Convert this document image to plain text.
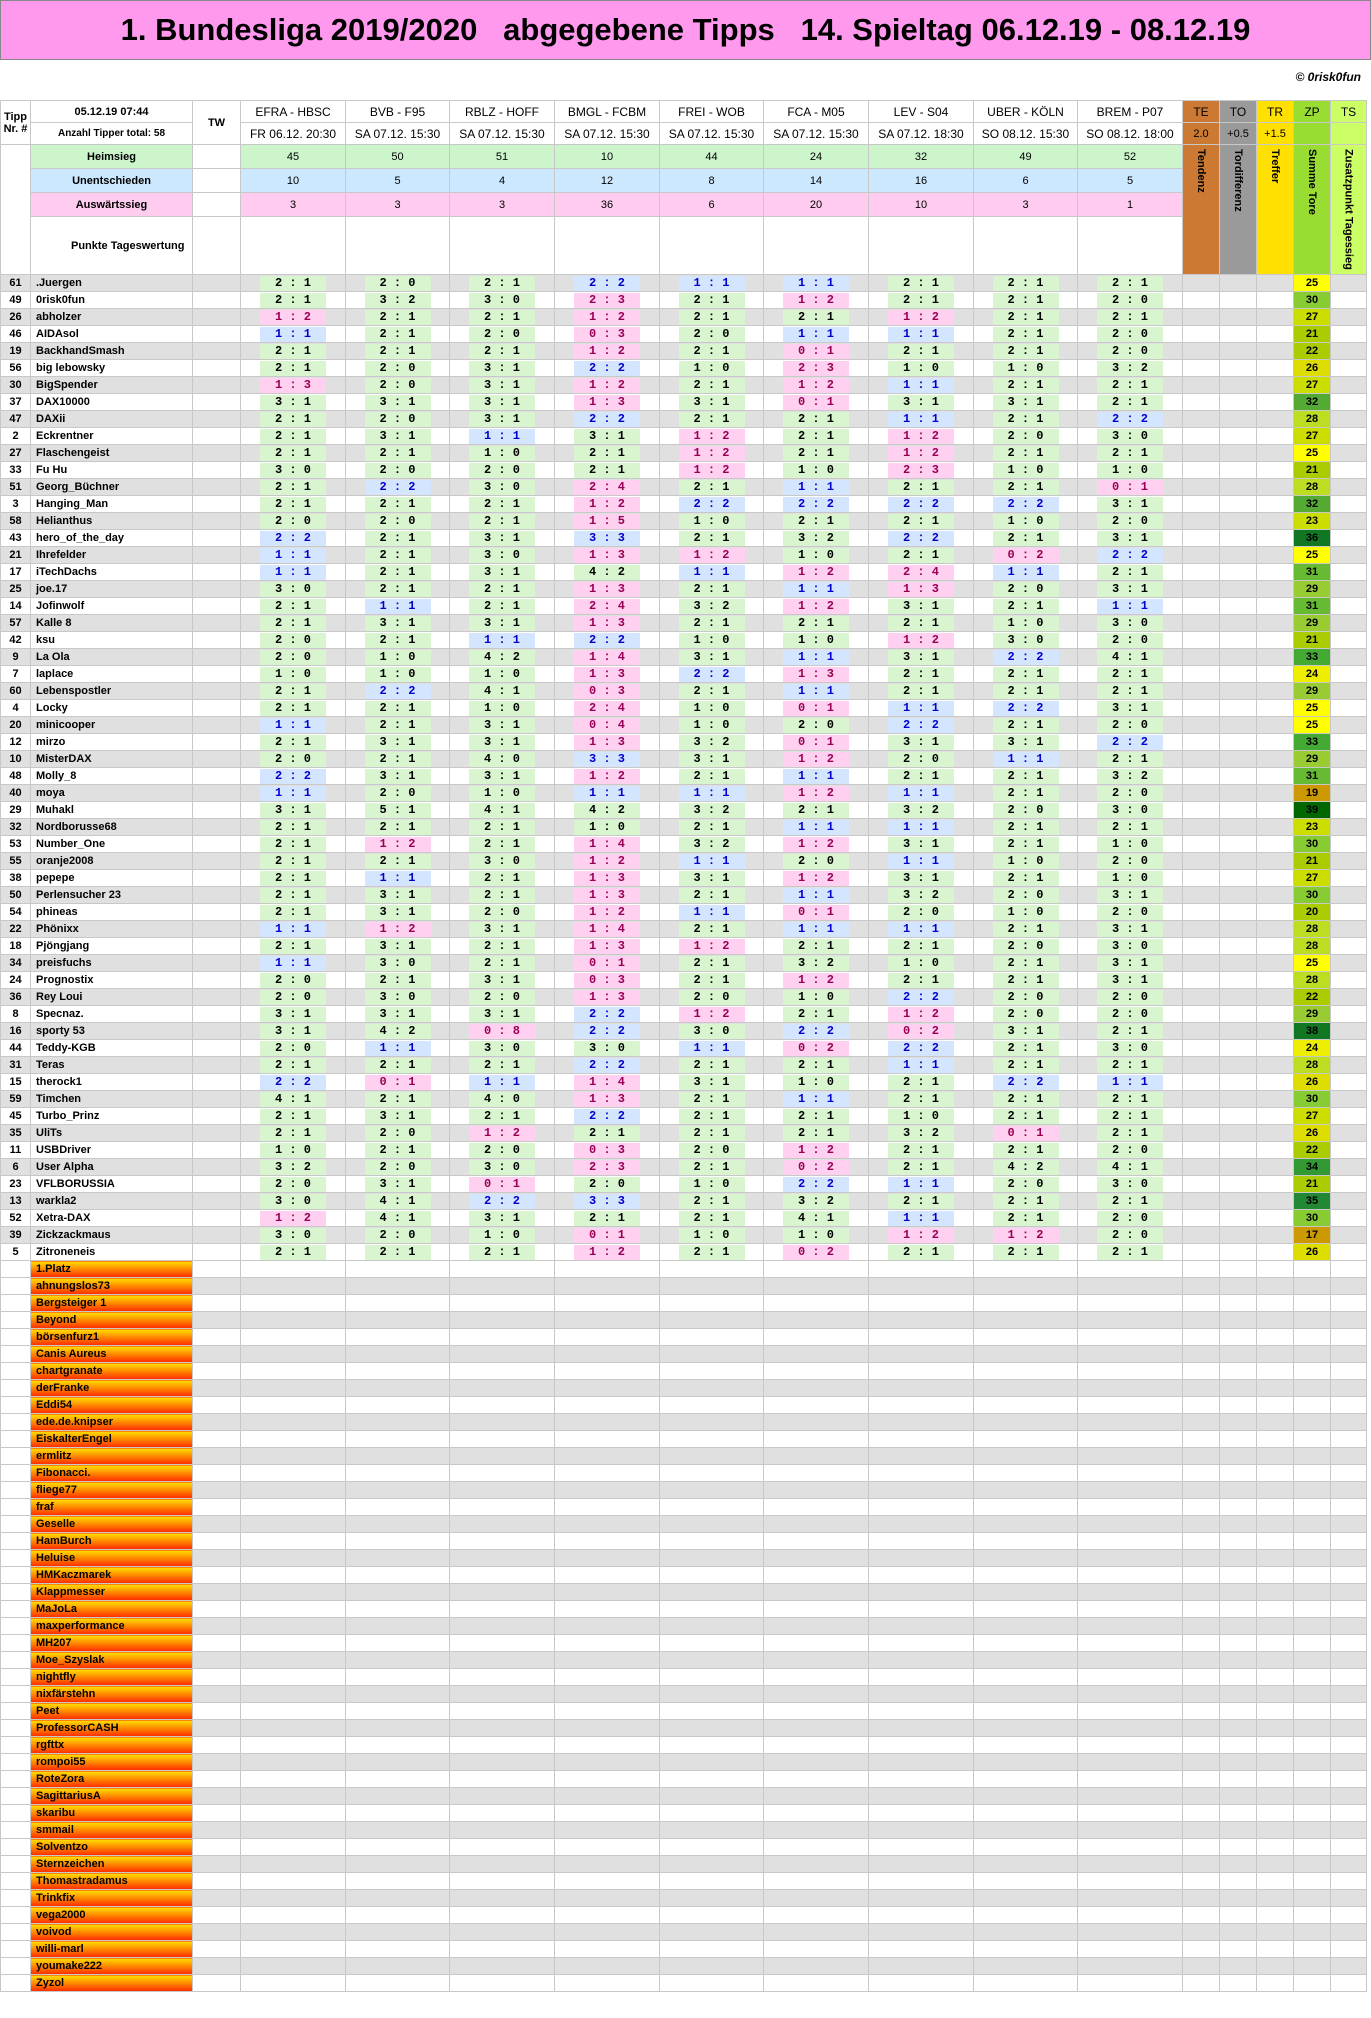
1. Bundesliga 2019/2020   abgegebene Tipps   14. Spieltag 06.12.19 - 08.12.19
© 0risk0fun
Tipp
Nr. #	05.12.19 07:44	TW	EFRA - HBSC	BVB - F95	RBLZ - HOFF	BMGL - FCBM	FREI - WOB	FCA - M05	LEV - S04	UBER - KÖLN	BREM - P07	TE	TO	TR	ZP	TS
	Anzahl Tipper total: 58		FR 06.12. 20:30	SA 07.12. 15:30	SA 07.12. 15:30	SA 07.12. 15:30	SA 07.12. 15:30	SA 07.12. 15:30	SA 07.12. 18:30	SO 08.12. 15:30	SO 08.12. 18:00	2.0	+0.5	+1.5		
	Heimsieg		45	50	51	10	44	24	32	49	52	Tendenz	Tordifferenz	Treffer	Summe Tore	Zusatzpunkt Tagessieg
	Unentschieden		10	5	4	12	8	14	16	6	5					
	Auswärtssieg		3	3	3	36	6	20	10	3	1					
	Punkte Tageswertung															
61	.Juergen		2 : 1	2 : 0	2 : 1	2 : 2	1 : 1	1 : 1	2 : 1	2 : 1	2 : 1				25	
49	0risk0fun		2 : 1	3 : 2	3 : 0	2 : 3	2 : 1	1 : 2	2 : 1	2 : 1	2 : 0				30	
26	abholzer		1 : 2	2 : 1	2 : 1	1 : 2	2 : 1	2 : 1	1 : 2	2 : 1	2 : 1				27	
46	AIDAsol		1 : 1	2 : 1	2 : 0	0 : 3	2 : 0	1 : 1	1 : 1	2 : 1	2 : 0				21	
19	BackhandSmash		2 : 1	2 : 1	2 : 1	1 : 2	2 : 1	0 : 1	2 : 1	2 : 1	2 : 0				22	
56	big lebowsky		2 : 1	2 : 0	3 : 1	2 : 2	1 : 0	2 : 3	1 : 0	1 : 0	3 : 2				26	
30	BigSpender		1 : 3	2 : 0	3 : 1	1 : 2	2 : 1	1 : 2	1 : 1	2 : 1	2 : 1				27	
37	DAX10000		3 : 1	3 : 1	3 : 1	1 : 3	3 : 1	0 : 1	3 : 1	3 : 1	2 : 1				32	
47	DAXii		2 : 1	2 : 0	3 : 1	2 : 2	2 : 1	2 : 1	1 : 1	2 : 1	2 : 2				28	
2	Eckrentner		2 : 1	3 : 1	1 : 1	3 : 1	1 : 2	2 : 1	1 : 2	2 : 0	3 : 0				27	
27	Flaschengeist		2 : 1	2 : 1	1 : 0	2 : 1	1 : 2	2 : 1	1 : 2	2 : 1	2 : 1				25	
33	Fu Hu		3 : 0	2 : 0	2 : 0	2 : 1	1 : 2	1 : 0	2 : 3	1 : 0	1 : 0				21	
51	Georg_Büchner		2 : 1	2 : 2	3 : 0	2 : 4	2 : 1	1 : 1	2 : 1	2 : 1	0 : 1				28	
3	Hanging_Man		2 : 1	2 : 1	2 : 1	1 : 2	2 : 2	2 : 2	2 : 2	2 : 2	3 : 1				32	
58	Helianthus		2 : 0	2 : 0	2 : 1	1 : 5	1 : 0	2 : 1	2 : 1	1 : 0	2 : 0				23	
43	hero_of_the_day		2 : 2	2 : 1	3 : 1	3 : 3	2 : 1	3 : 2	2 : 2	2 : 1	3 : 1				36	
21	Ihrefelder		1 : 1	2 : 1	3 : 0	1 : 3	1 : 2	1 : 0	2 : 1	0 : 2	2 : 2				25	
17	iTechDachs		1 : 1	2 : 1	3 : 1	4 : 2	1 : 1	1 : 2	2 : 4	1 : 1	2 : 1				31	
25	joe.17		3 : 0	2 : 1	2 : 1	1 : 3	2 : 1	1 : 1	1 : 3	2 : 0	3 : 1				29	
14	Jofinwolf		2 : 1	1 : 1	2 : 1	2 : 4	3 : 2	1 : 2	3 : 1	2 : 1	1 : 1				31	
57	Kalle 8		2 : 1	3 : 1	3 : 1	1 : 3	2 : 1	2 : 1	2 : 1	1 : 0	3 : 0				29	
42	ksu		2 : 0	2 : 1	1 : 1	2 : 2	1 : 0	1 : 0	1 : 2	3 : 0	2 : 0				21	
9	La Ola		2 : 0	1 : 0	4 : 2	1 : 4	3 : 1	1 : 1	3 : 1	2 : 2	4 : 1				33	
7	laplace		1 : 0	1 : 0	1 : 0	1 : 3	2 : 2	1 : 3	2 : 1	2 : 1	2 : 1				24	
60	Lebenspostler		2 : 1	2 : 2	4 : 1	0 : 3	2 : 1	1 : 1	2 : 1	2 : 1	2 : 1				29	
4	Locky		2 : 1	2 : 1	1 : 0	2 : 4	1 : 0	0 : 1	1 : 1	2 : 2	3 : 1				25	
20	minicooper		1 : 1	2 : 1	3 : 1	0 : 4	1 : 0	2 : 0	2 : 2	2 : 1	2 : 0				25	
12	mirzo		2 : 1	3 : 1	3 : 1	1 : 3	3 : 2	0 : 1	3 : 1	3 : 1	2 : 2				33	
10	MisterDAX		2 : 0	2 : 1	4 : 0	3 : 3	3 : 1	1 : 2	2 : 0	1 : 1	2 : 1				29	
48	Molly_8		2 : 2	3 : 1	3 : 1	1 : 2	2 : 1	1 : 1	2 : 1	2 : 1	3 : 2				31	
40	moya		1 : 1	2 : 0	1 : 0	1 : 1	1 : 1	1 : 2	1 : 1	2 : 1	2 : 0				19	
29	Muhakl		3 : 1	5 : 1	4 : 1	4 : 2	3 : 2	2 : 1	3 : 2	2 : 0	3 : 0				39	
32	Nordborusse68		2 : 1	2 : 1	2 : 1	1 : 0	2 : 1	1 : 1	1 : 1	2 : 1	2 : 1				23	
53	Number_One		2 : 1	1 : 2	2 : 1	1 : 4	3 : 2	1 : 2	3 : 1	2 : 1	1 : 0				30	
55	oranje2008		2 : 1	2 : 1	3 : 0	1 : 2	1 : 1	2 : 0	1 : 1	1 : 0	2 : 0				21	
38	pepepe		2 : 1	1 : 1	2 : 1	1 : 3	3 : 1	1 : 2	3 : 1	2 : 1	1 : 0				27	
50	Perlensucher 23		2 : 1	3 : 1	2 : 1	1 : 3	2 : 1	1 : 1	3 : 2	2 : 0	3 : 1				30	
54	phineas		2 : 1	3 : 1	2 : 0	1 : 2	1 : 1	0 : 1	2 : 0	1 : 0	2 : 0				20	
22	Phönixx		1 : 1	1 : 2	3 : 1	1 : 4	2 : 1	1 : 1	1 : 1	2 : 1	3 : 1				28	
18	Pjöngjang		2 : 1	3 : 1	2 : 1	1 : 3	1 : 2	2 : 1	2 : 1	2 : 0	3 : 0				28	
34	preisfuchs		1 : 1	3 : 0	2 : 1	0 : 1	2 : 1	3 : 2	1 : 0	2 : 1	3 : 1				25	
24	Prognostix		2 : 0	2 : 1	3 : 1	0 : 3	2 : 1	1 : 2	2 : 1	2 : 1	3 : 1				28	
36	Rey Loui		2 : 0	3 : 0	2 : 0	1 : 3	2 : 0	1 : 0	2 : 2	2 : 0	2 : 0				22	
8	Specnaz.		3 : 1	3 : 1	3 : 1	2 : 2	1 : 2	2 : 1	1 : 2	2 : 0	2 : 0				29	
16	sporty 53		3 : 1	4 : 2	0 : 8	2 : 2	3 : 0	2 : 2	0 : 2	3 : 1	2 : 1				38	
44	Teddy-KGB		2 : 0	1 : 1	3 : 0	3 : 0	1 : 1	0 : 2	2 : 2	2 : 1	3 : 0				24	
31	Teras		2 : 1	2 : 1	2 : 1	2 : 2	2 : 1	2 : 1	1 : 1	2 : 1	2 : 1				28	
15	therock1		2 : 2	0 : 1	1 : 1	1 : 4	3 : 1	1 : 0	2 : 1	2 : 2	1 : 1				26	
59	Timchen		4 : 1	2 : 1	4 : 0	1 : 3	2 : 1	1 : 1	2 : 1	2 : 1	2 : 1				30	
45	Turbo_Prinz		2 : 1	3 : 1	2 : 1	2 : 2	2 : 1	2 : 1	1 : 0	2 : 1	2 : 1				27	
35	UliTs		2 : 1	2 : 0	1 : 2	2 : 1	2 : 1	2 : 1	3 : 2	0 : 1	2 : 1				26	
11	USBDriver		1 : 0	2 : 1	2 : 0	0 : 3	2 : 0	1 : 2	2 : 1	2 : 1	2 : 0				22	
6	User Alpha		3 : 2	2 : 0	3 : 0	2 : 3	2 : 1	0 : 2	2 : 1	4 : 2	4 : 1				34	
23	VFLBORUSSIA		2 : 0	3 : 1	0 : 1	2 : 0	1 : 0	2 : 2	1 : 1	2 : 0	3 : 0				21	
13	warkla2		3 : 0	4 : 1	2 : 2	3 : 3	2 : 1	3 : 2	2 : 1	2 : 1	2 : 1				35	
52	Xetra-DAX		1 : 2	4 : 1	3 : 1	2 : 1	2 : 1	4 : 1	1 : 1	2 : 1	2 : 0				30	
39	Zickzackmaus		3 : 0	2 : 0	1 : 0	0 : 1	1 : 0	1 : 0	1 : 2	1 : 2	2 : 0				17	
5	Zitroneneis		2 : 1	2 : 1	2 : 1	1 : 2	2 : 1	0 : 2	2 : 1	2 : 1	2 : 1				26	
	1.Platz															
	ahnungslos73															
	Bergsteiger 1															
	Beyond															
	börsenfurz1															
	Canis Aureus															
	chartgranate															
	derFranke															
	Eddi54															
	ede.de.knipser															
	EiskalterEngel															
	ermlitz															
	Fibonacci.															
	fliege77															
	fraf															
	Geselle															
	HamBurch															
	Heluise															
	HMKaczmarek															
	Klappmesser															
	MaJoLa															
	maxperformance															
	MH207															
	Moe_Szyslak															
	nightfly															
	nixfärstehn															
	Peet															
	ProfessorCASH															
	rgfttx															
	rompoi55															
	RoteZora															
	SagittariusA															
	skaribu															
	smmail															
	Solventzo															
	Sternzeichen															
	Thomastradamus															
	Trinkfix															
	vega2000															
	voivod															
	willi-marl															
	youmake222															
	Zyzol															
